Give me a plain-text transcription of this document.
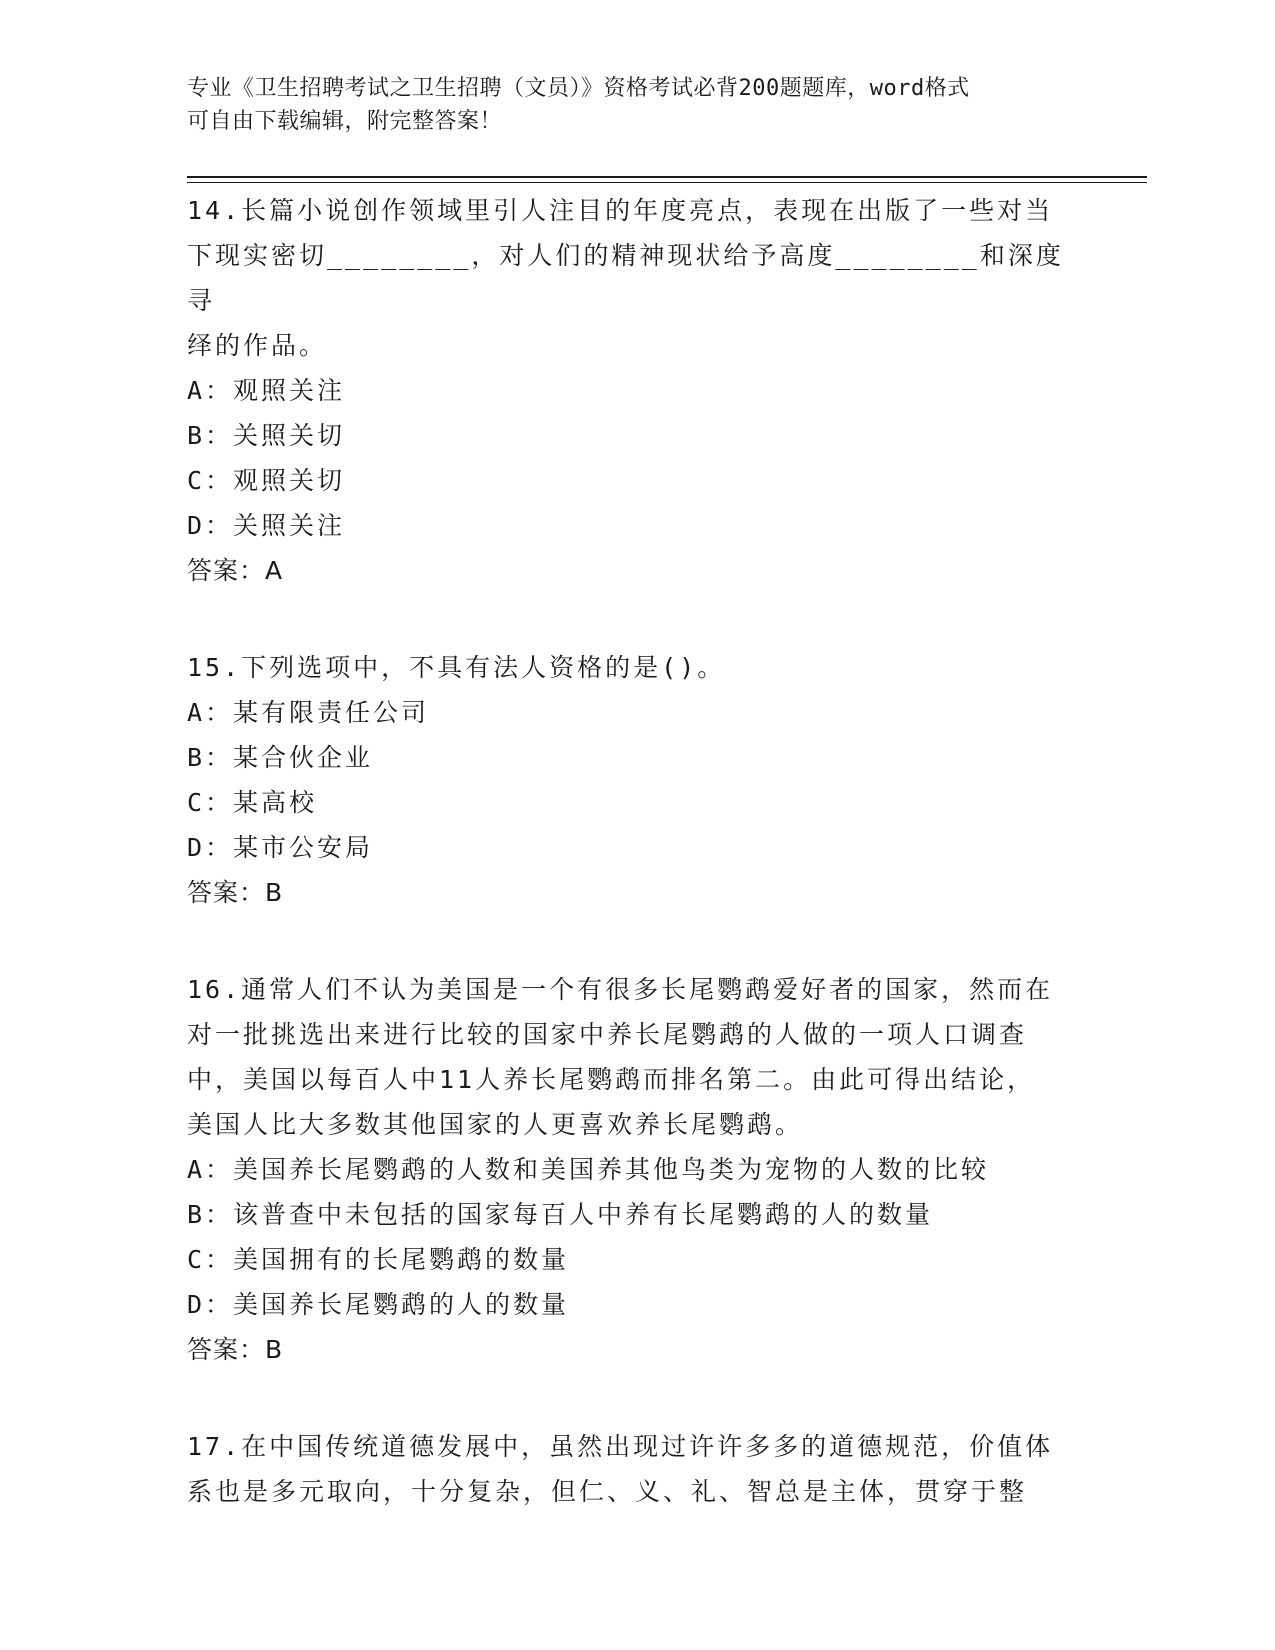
专业《卫生招聘考试之卫生招聘（文员）》资格考试必背200题题库，word格式
可自由下载编辑，附完整答案！
14.长篇小说创作领域里引人注目的年度亮点，表现在出版了一些对当
下现实密切________，对人们的精神现状给予高度________和深度寻
绎的作品。
A：观照关注
B：关照关切
C：观照关切
D：关照关注
答案：A
15.下列选项中，不具有法人资格的是()。
A：某有限责任公司
B：某合伙企业
C：某高校
D：某市公安局
答案：B
16.通常人们不认为美国是一个有很多长尾鹦鹉爱好者的国家，然而在
对一批挑选出来进行比较的国家中养长尾鹦鹉的人做的一项人口调查
中，美国以每百人中11人养长尾鹦鹉而排名第二。由此可得出结论，
美国人比大多数其他国家的人更喜欢养长尾鹦鹉。
A：美国养长尾鹦鹉的人数和美国养其他鸟类为宠物的人数的比较
B：该普查中未包括的国家每百人中养有长尾鹦鹉的人的数量
C：美国拥有的长尾鹦鹉的数量
D：美国养长尾鹦鹉的人的数量
答案：B
17.在中国传统道德发展中，虽然出现过许许多多的道德规范，价值体
系也是多元取向，十分复杂，但仁、义、礼、智总是主体，贯穿于整
